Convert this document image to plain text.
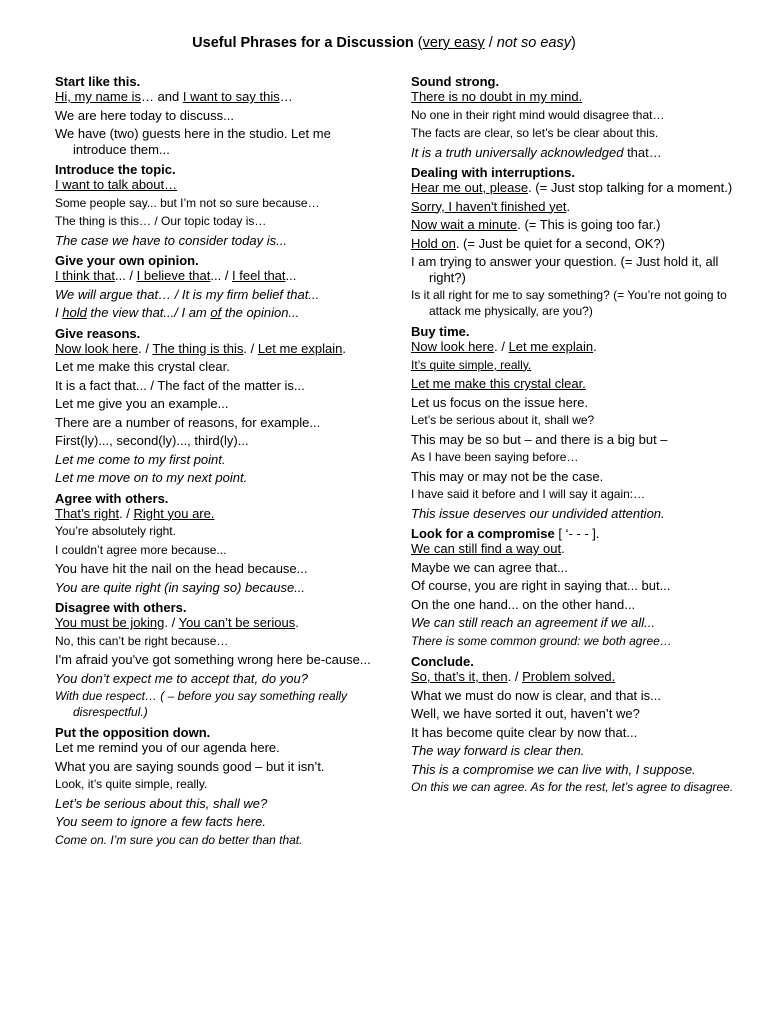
Useful Phrases for a Discussion (very easy / not so easy)
Start like this.
Hi, my name is… and I want to say this…
We are here today to discuss...
We have (two) guests here in the studio. Let me introduce them...
Introduce the topic.
I want to talk about…
Some people say... but I’m not so sure because…
The thing is this… / Our topic today is…
The case we have to consider today is...
Give your own opinion.
I think that... / I believe that... / I feel that...
We will argue that… / It is my firm belief that...
I hold the view that.../ I am of the opinion...
Give reasons.
Now look here. / The thing is this. / Let me explain.
Let me make this crystal clear.
It is a fact that... / The fact of the matter is...
Let me give you an example...
There are a number of reasons, for example...
First(ly)..., second(ly)..., third(ly)...
Let me come to my first point.
Let me move on to my next point.
Agree with others.
That’s right. / Right you are.
You’re absolutely right.
I couldn’t agree more because...
You have hit the nail on the head because...
You are quite right (in saying so) because...
Disagree with others.
You must be joking. / You can’t be serious.
No, this can’t be right because…
I'm afraid you've got something wrong here be-cause...
You don’t expect me to accept that, do you?
With due respect… ( – before you say something really disrespectful.)
Put the opposition down.
Let me remind you of our agenda here.
What you are saying sounds good – but it isn’t.
Look, it’s quite simple, really.
Let’s be serious about this, shall we?
You seem to ignore a few facts here.
Come on. I’m sure you can do better than that.
Sound strong.
There is no doubt in my mind.
No one in their right mind would disagree that…
The facts are clear, so let’s be clear about this.
It is a truth universally acknowledged that…
Dealing with interruptions.
Hear me out, please. (= Just stop talking for a moment.)
Sorry, I haven't finished yet.
Now wait a minute. (= This is going too far.)
Hold on. (= Just be quiet for a second, OK?)
I am trying to answer your question. (= Just hold it, all right?)
Is it all right for me to say something? (= You’re not going to attack me physically, are you?)
Buy time.
Now look here. / Let me explain.
It’s quite simple, really.
Let me make this crystal clear.
Let us focus on the issue here.
Let’s be serious about it, shall we?
This may be so but – and there is a big but –
As I have been saying before…
This may or may not be the case.
I have said it before and I will say it again:…
This issue deserves our undivided attention.
Look for a compromise [ ‘- - - ].
We can still find a way out.
Maybe we can agree that...
Of course, you are right in saying that... but...
On the one hand... on the other hand...
We can still reach an agreement if we all...
There is some common ground: we both agree…
Conclude.
So, that’s it, then. / Problem solved.
What we must do now is clear, and that is...
Well, we have sorted it out, haven’t we?
It has become quite clear by now that...
The way forward is clear then.
This is a compromise we can live with, I suppose.
On this we can agree. As for the rest, let’s agree to disagree.
